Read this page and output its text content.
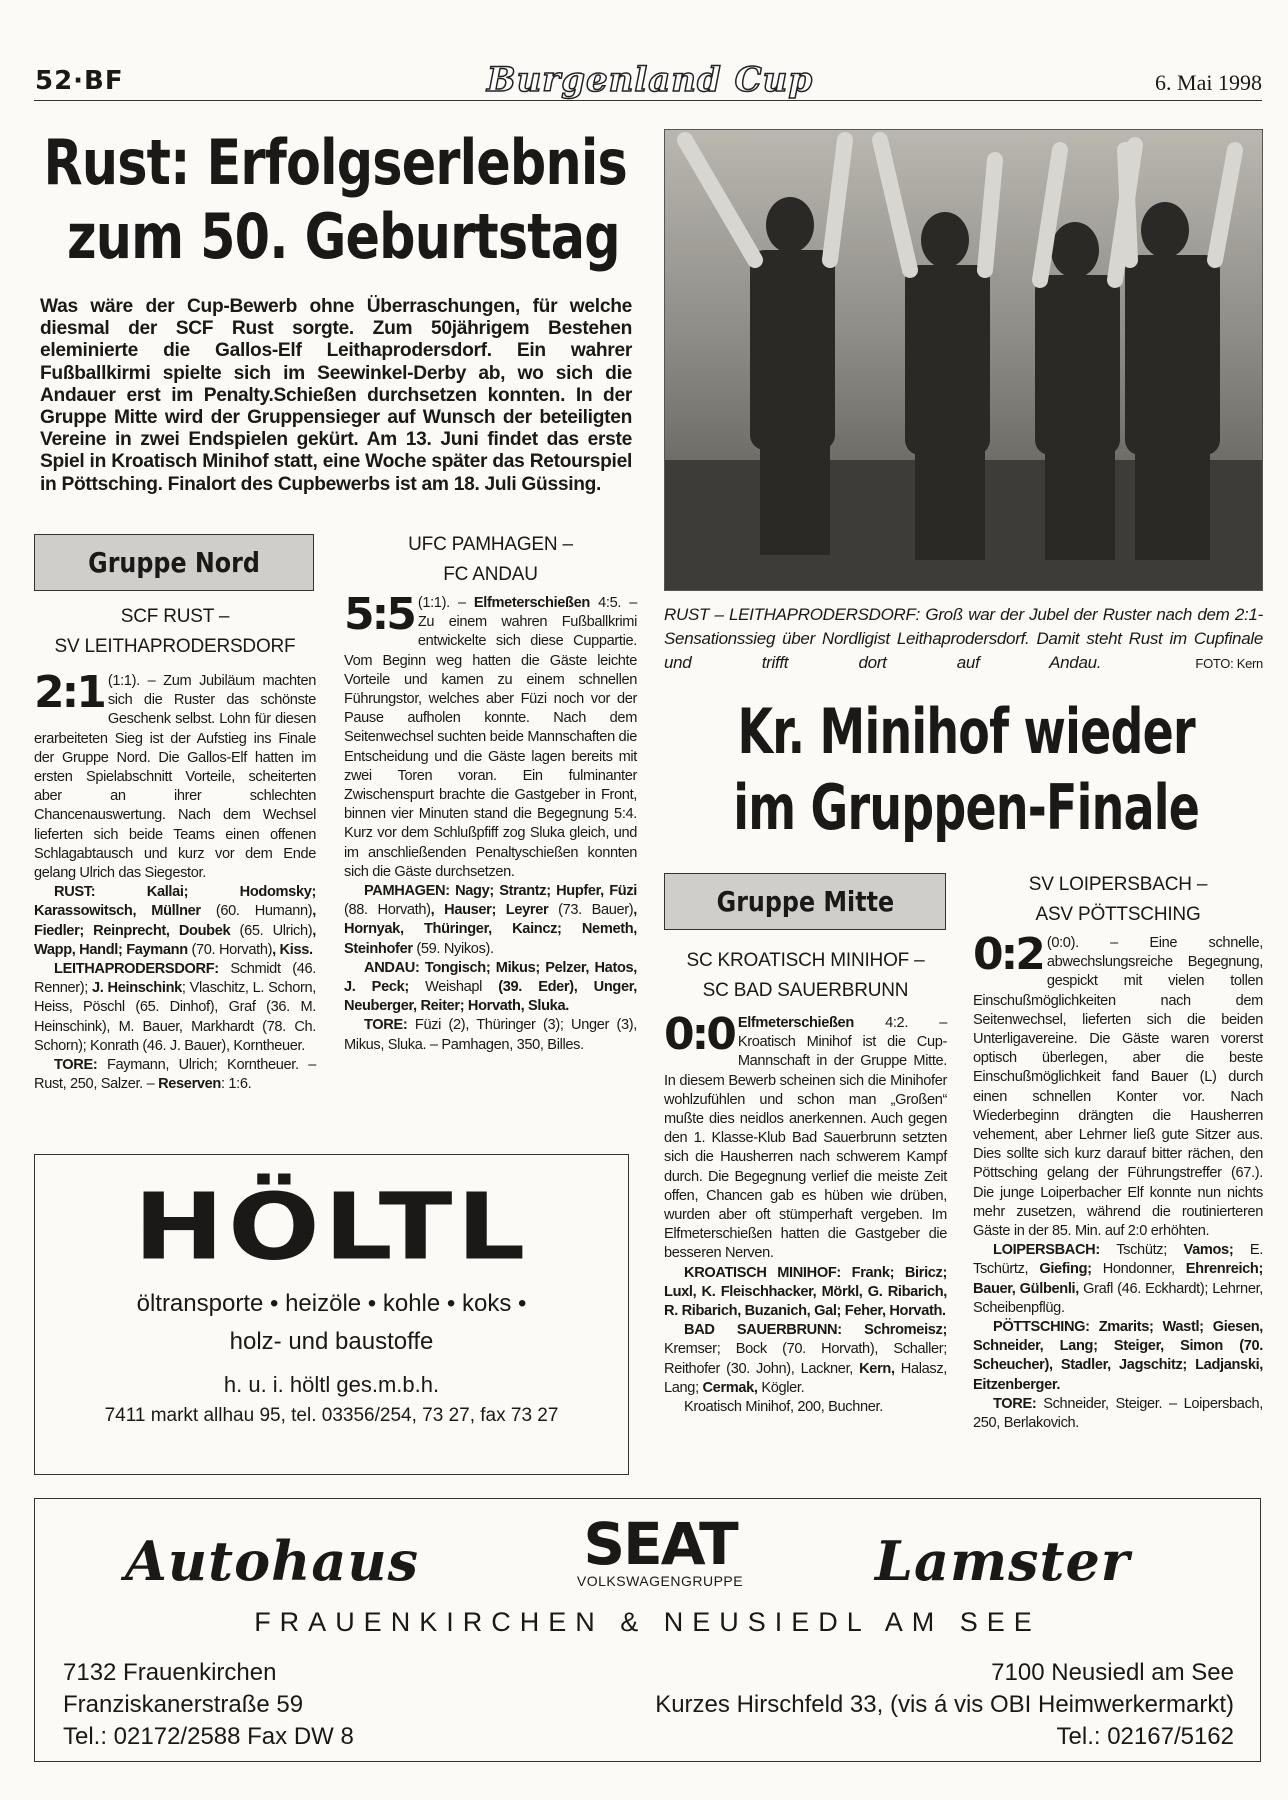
52·BF	Burgenland Cup	6. Mai 1998
Rust: Erfolgserlebnis
zum 50. Geburtstag
Was wäre der Cup-Bewerb ohne Überraschungen, für welche diesmal der SCF Rust sorgte. Zum 50jährigem Bestehen eleminierte die Gallos-Elf Leithaprodersdorf. Ein wahrer Fußballkirmi spielte sich im Seewinkel-Derby ab, wo sich die Andauer erst im Penalty.Schießen durchsetzen konnten. In der Gruppe Mitte wird der Gruppensieger auf Wunsch der beteiligten Vereine in zwei Endspielen gekürt. Am 13. Juni findet das erste Spiel in Kroatisch Minihof statt, eine Woche später das Retourspiel in Pöttsching. Finalort des Cupbewerbs ist am 18. Juli Güssing.
RUST – LEITHAPRODERSDORF: Groß war der Jubel der Ruster nach dem 2:1-Sensationssieg über Nordligist Leithaprodersdorf. Damit steht Rust im Cupfinale und trifft dort auf Andau.	FOTO: Kern
Kr. Minihof wieder
im Gruppen-Finale
Gruppe Nord
SCF RUST –
SV LEITHAPRODERSDORF

2:1 (1:1). – Zum Jubiläum machten sich die Ruster das schönste Geschenk selbst. Lohn für diesen erarbeiteten Sieg ist der Aufstieg ins Finale der Gruppe Nord. Die Gallos-Elf hatten im ersten Spielabschnitt Vorteile, scheiterten aber an ihrer schlechten Chancenauswertung. Nach dem Wechsel lieferten sich beide Teams einen offenen Schlagabtausch und kurz vor dem Ende gelang Ulrich das Siegestor.

RUST: Kallai; Hodomsky; Karassowitsch, Müllner (60. Humann), Fiedler; Reinprecht, Doubek (65. Ulrich), Wapp, Handl; Faymann (70. Horvath), Kiss.

LEITHAPRODERSDORF: Schmidt (46. Renner); J. Heinschink; Vlaschitz, L. Schorn, Heiss, Pöschl (65. Dinhof), Graf (36. M. Heinschink), M. Bauer, Markhardt (78. Ch. Schorn); Konrath (46. J. Bauer), Korntheuer.

TORE: Faymann, Ulrich; Korntheuer. – Rust, 250, Salzer. – Reserven: 1:6.

UFC PAMHAGEN –
FC ANDAU

5:5 (1:1). – Elfmeterschießen 4:5. – Zu einem wahren Fußballkrimi entwickelte sich diese Cuppartie. Vom Beginn weg hatten die Gäste leichte Vorteile und kamen zu einem schnellen Führungstor, welches aber Füzi noch vor der Pause aufholen konnte. Nach dem Seitenwechsel suchten beide Mannschaften die Entscheidung und die Gäste lagen bereits mit zwei Toren voran. Ein fulminanter Zwischenspurt brachte die Gastgeber in Front, binnen vier Minuten stand die Begegnung 5:4. Kurz vor dem Schlußpfiff zog Sluka gleich, und im anschließenden Penaltyschießen konnten sich die Gäste durchsetzen.

PAMHAGEN: Nagy; Strantz; Hupfer, Füzi (88. Horvath), Hauser; Leyrer (73. Bauer), Hornyak, Thüringer, Kaincz; Nemeth, Steinhofer (59. Nyikos).

ANDAU: Tongisch; Mikus; Pelzer, Hatos, J. Peck; Weishapl (39. Eder), Unger, Neuberger, Reiter; Horvath, Sluka.

TORE: Füzi (2), Thüringer (3); Unger (3), Mikus, Sluka. – Pamhagen, 350, Billes.

Gruppe Mitte
SC KROATISCH MINIHOF –
SC BAD SAUERBRUNN

0:0 Elfmeterschießen 4:2. – Kroatisch Minihof ist die Cup-Mannschaft in der Gruppe Mitte. In diesem Bewerb scheinen sich die Minihofer wohlzufühlen und schon man „Großen“ mußte dies neidlos anerkennen. Auch gegen den 1. Klasse-Klub Bad Sauerbrunn setzten sich die Hausherren nach schwerem Kampf durch. Die Begegnung verlief die meiste Zeit offen, Chancen gab es hüben wie drüben, wurden aber oft stümperhaft vergeben. Im Elfmeterschießen hatten die Gastgeber die besseren Nerven.

KROATISCH MINIHOF: Frank; Biricz; Luxl, K. Fleischhacker, Mörkl, G. Ribarich, R. Ribarich, Buzanich, Gal; Feher, Horvath.

BAD SAUERBRUNN: Schromeisz; Kremser; Bock (70. Horvath), Schaller; Reithofer (30. John), Lackner, Kern, Halasz, Lang; Cermak, Kögler.

Kroatisch Minihof, 200, Buchner.

SV LOIPERSBACH –
ASV PÖTTSCHING

0:2 (0:0). – Eine schnelle, abwechslungsreiche Begegnung, gespickt mit vielen tollen Einschußmöglichkeiten nach dem Seitenwechsel, lieferten sich die beiden Unterligavereine. Die Gäste waren vorerst optisch überlegen, aber die beste Einschußmöglichkeit fand Bauer (L) durch einen schnellen Konter vor. Nach Wiederbeginn drängten die Hausherren vehement, aber Lehrner ließ gute Sitzer aus. Dies sollte sich kurz darauf bitter rächen, den Pöttsching gelang der Führungstreffer (67.). Die junge Loiperbacher Elf konnte nun nichts mehr zusetzen, während die routinierteren Gäste in der 85. Min. auf 2:0 erhöhten.

LOIPERSBACH: Tschütz; Vamos; E. Tschürtz, Giefing; Hondonner, Ehrenreich; Bauer, Gülbenli, Grafl (46. Eckhardt); Lehrner, Scheibenpflüg.

PÖTTSCHING: Zmarits; Wastl; Giesen, Schneider, Lang; Steiger, Simon (70. Scheucher), Stadler, Jagschitz; Ladjanski, Eitzenberger.

TORE: Schneider, Steiger. – Loipersbach, 250, Berlakovich.

HÖLTL
öltransporte • heizöle • kohle • koks •
holz- und baustoffe
h. u. i. höltl ges.m.b.h.
7411 markt allhau 95, tel. 03356/254, 73 27, fax 73 27
Autohaus	SEAT
VOLKSWAGENGRUPPE	Lamster
FRAUENKIRCHEN & NEUSIEDL AM SEE
7132 Frauenkirchen
Franziskanerstraße 59
Tel.: 02172/2588 Fax DW 8
7100 Neusiedl am See
Kurzes Hirschfeld 33, (vis á vis OBI Heimwerkermarkt)
Tel.: 02167/5162
